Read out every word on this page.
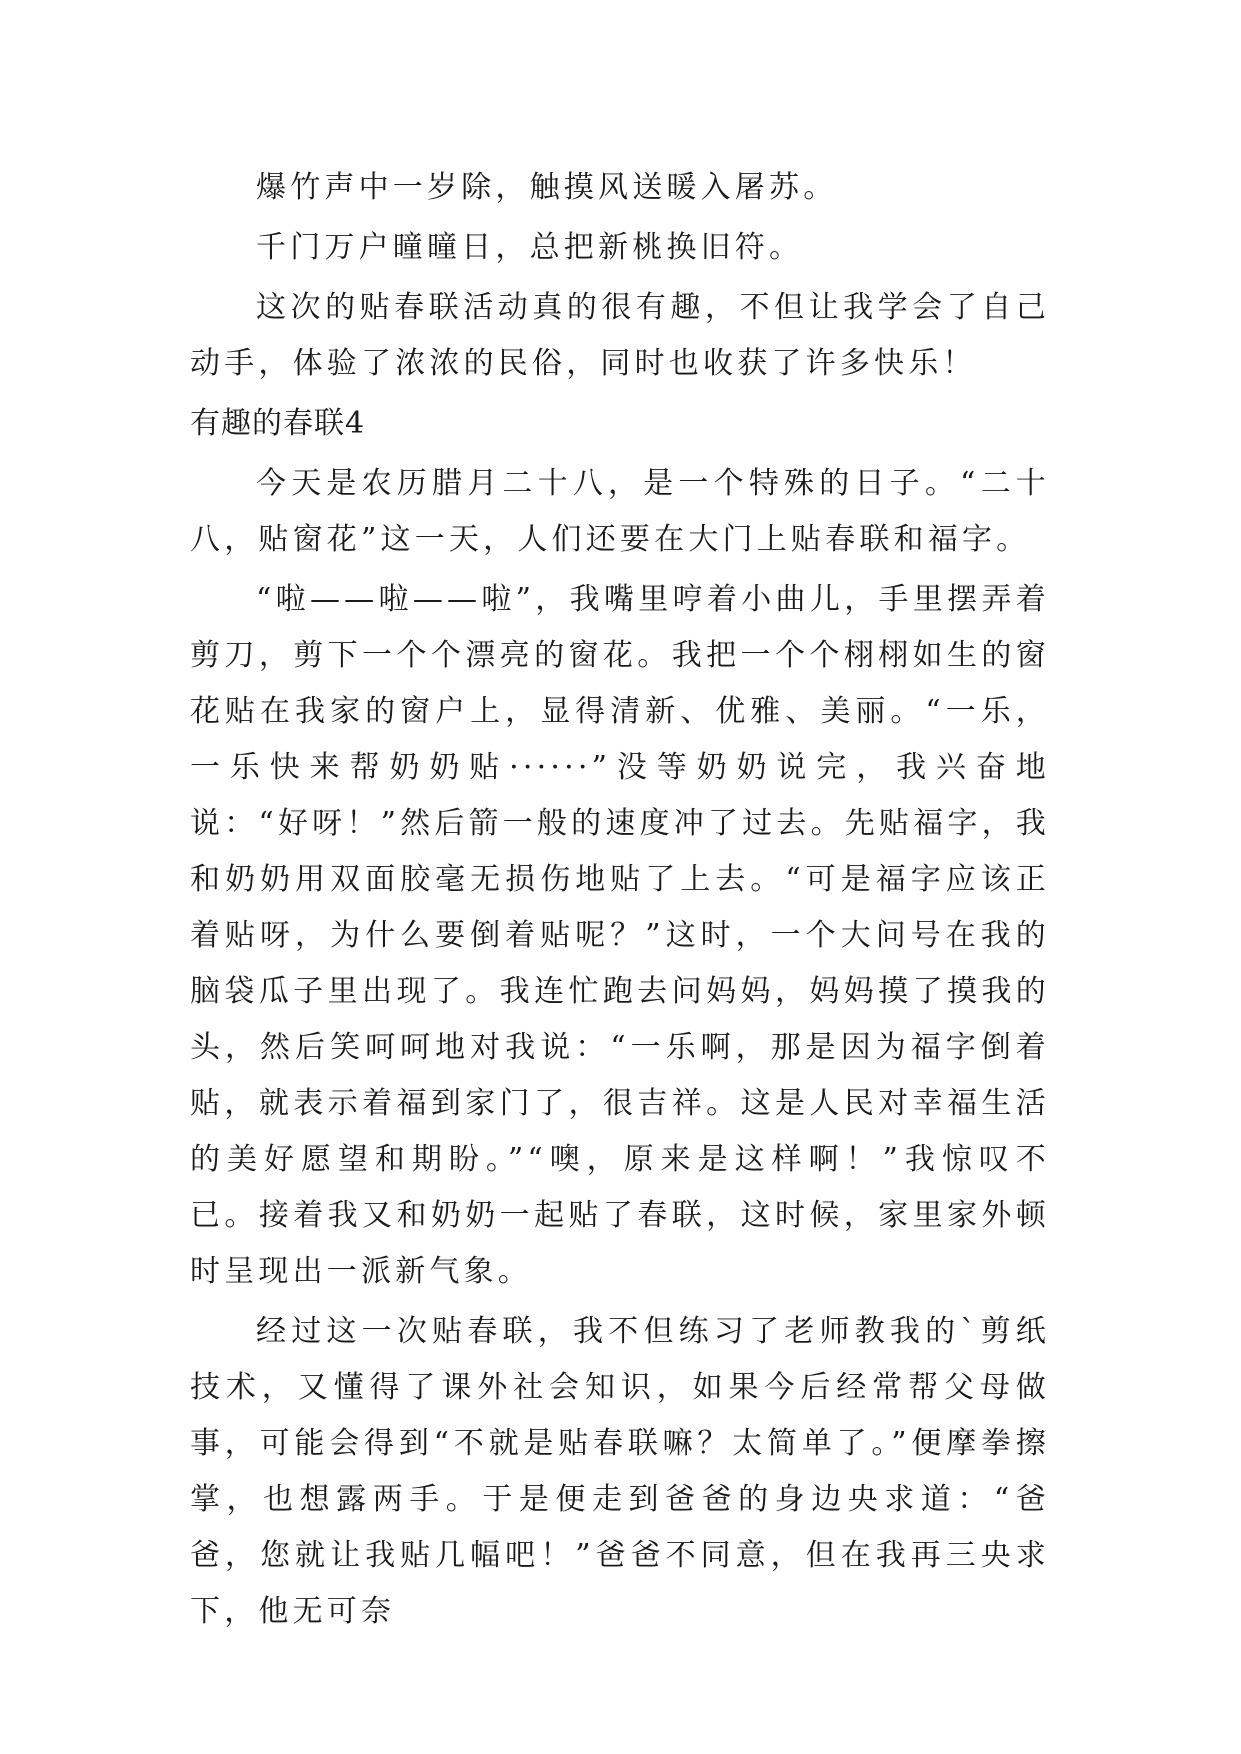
爆竹声中一岁除，触摸风送暖入屠苏。

千门万户曈曈日，总把新桃换旧符。

这次的贴春联活动真的很有趣，不但让我学会了自己动手，体验了浓浓的民俗，同时也收获了许多快乐！

有趣的春联4

今天是农历腊月二十八，是一个特殊的日子。“二十八，贴窗花”这一天，人们还要在大门上贴春联和福字。

“啦——啦——啦”，我嘴里哼着小曲儿，手里摆弄着剪刀，剪下一个个漂亮的窗花。我把一个个栩栩如生的窗花贴在我家的窗户上，显得清新、优雅、美丽。“一乐，一乐快来帮奶奶贴······”没等奶奶说完，我兴奋地说：“好呀！”然后箭一般的速度冲了过去。先贴福字，我和奶奶用双面胶毫无损伤地贴了上去。“可是福字应该正着贴呀，为什么要倒着贴呢？”这时，一个大问号在我的脑袋瓜子里出现了。我连忙跑去问妈妈，妈妈摸了摸我的头，然后笑呵呵地对我说：“一乐啊，那是因为福字倒着贴，就表示着福到家门了，很吉祥。这是人民对幸福生活的美好愿望和期盼。”“噢，原来是这样啊！”我惊叹不已。接着我又和奶奶一起贴了春联，这时候，家里家外顿时呈现出一派新气象。

经过这一次贴春联，我不但练习了老师教我的`剪纸技术，又懂得了课外社会知识，如果今后经常帮父母做事，可能会得到“不就是贴春联嘛？太简单了。”便摩拳擦掌，也想露两手。于是便走到爸爸的身边央求道：“爸爸，您就让我贴几幅吧！”爸爸不同意，但在我再三央求下，他无可奈
